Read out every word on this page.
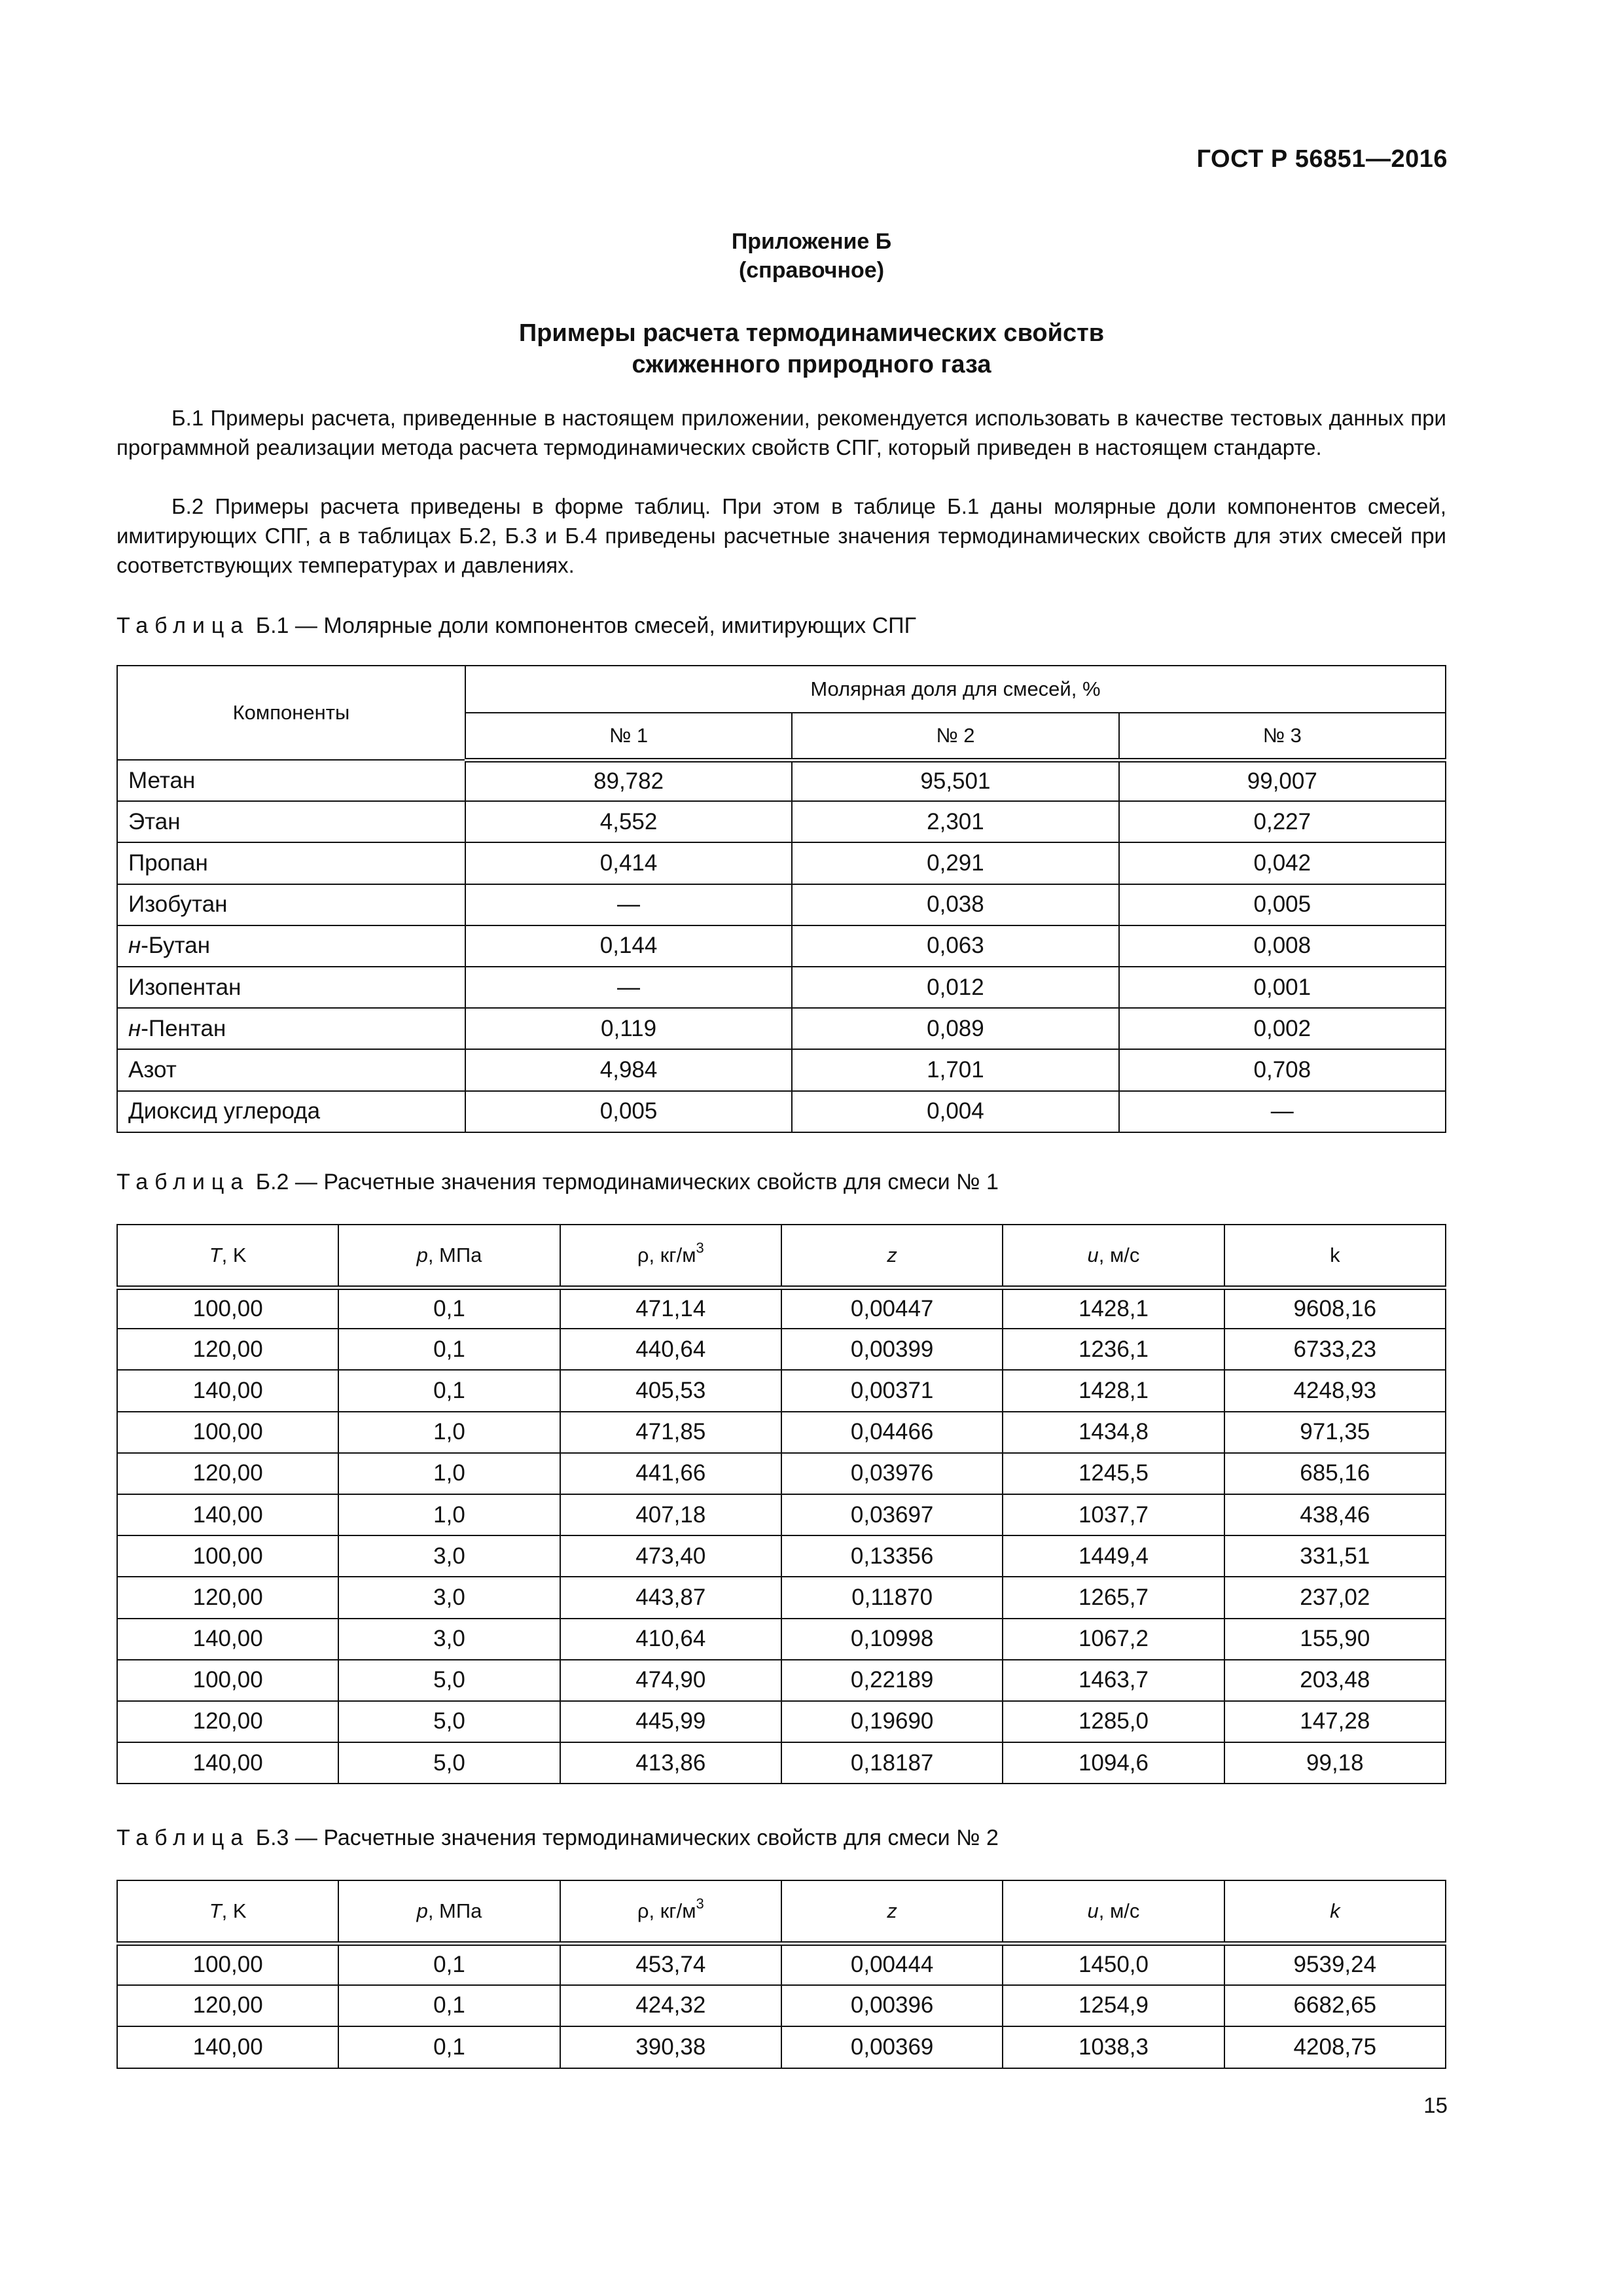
ГОСТ Р 56851—2016
Приложение Б
(справочное)
Примеры расчета термодинамических свойств
сжиженного природного газа

Б.1 Примеры расчета, приведенные в настоящем приложении, рекомендуется использовать в качестве тестовых данных при программной реализации метода расчета термодинамических свойств СПГ, который приведен в настоящем стандарте.

Б.2 Примеры расчета приведены в форме таблиц. При этом в таблице Б.1 даны молярные доли компонентов смесей, имитирующих СПГ, а в таблицах Б.2, Б.3 и Б.4 приведены расчетные значения термодинамических свойств для этих смесей при соответствующих температурах и давлениях.

Таблица Б.1 — Молярные доли компонентов смесей, имитирующих СПГ
Компоненты	Молярная доля для смесей, %		
	№ 1	№ 2	№ 3
Метан	89,782	95,501	99,007
Этан	4,552	2,301	0,227
Пропан	0,414	0,291	0,042
Изобутан	—	0,038	0,005
н-Бутан	0,144	0,063	0,008
Изопентан	—	0,012	0,001
н-Пентан	0,119	0,089	0,002
Азот	4,984	1,701	0,708
Диоксид углерода	0,005	0,004	—
Таблица Б.2 — Расчетные значения термодинамических свойств для смеси № 1
T, K	p, МПа	ρ, $кг/м^3$	z	u, м/с	k
100,00	0,1	471,14	0,00447	1428,1	9608,16
120,00	0,1	440,64	0,00399	1236,1	6733,23
140,00	0,1	405,53	0,00371	1428,1	4248,93
100,00	1,0	471,85	0,04466	1434,8	971,35
120,00	1,0	441,66	0,03976	1245,5	685,16
140,00	1,0	407,18	0,03697	1037,7	438,46
100,00	3,0	473,40	0,13356	1449,4	331,51
120,00	3,0	443,87	0,11870	1265,7	237,02
140,00	3,0	410,64	0,10998	1067,2	155,90
100,00	5,0	474,90	0,22189	1463,7	203,48
120,00	5,0	445,99	0,19690	1285,0	147,28
140,00	5,0	413,86	0,18187	1094,6	99,18
Таблица Б.3 — Расчетные значения термодинамических свойств для смеси № 2
T, K	p, МПа	ρ, $кг/м^3$	z	u, м/с	k
100,00	0,1	453,74	0,00444	1450,0	9539,24
120,00	0,1	424,32	0,00396	1254,9	6682,65
140,00	0,1	390,38	0,00369	1038,3	4208,75
15
